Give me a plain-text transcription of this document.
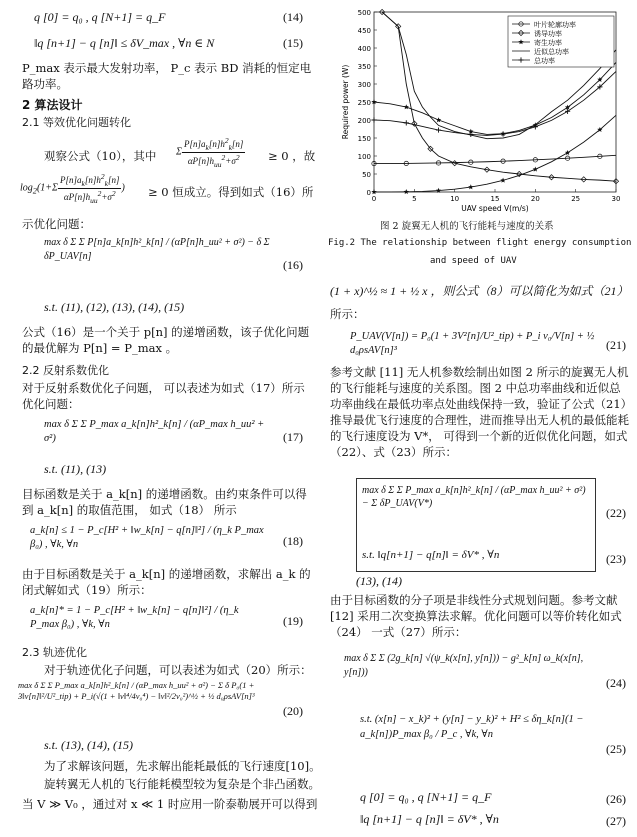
q [0] = q₀ , q [N+1] = q_F	(14)
‖q [n+1] − q [n]‖ ≤ δV_max , ∀n ∈ N	(15)
P_max 表示最大发射功率， P_c 表示 BD 消耗的恒定电路功率。
2 算法设计
2.1 等效优化问题转化
观察公式（10），其中 Σ $\frac{P[n]a_k[n]h^2_k[n]}{\alpha P[n]h_{uu}^2+\sigma^2} \ge 0$ ，故
$\log_2(1+\Sigma \frac{P[n]a_k[n]h^2_k[n]}{\alpha P[n]h_{uu}^2+\sigma^2}$ ) ≥ 0 恒成立。得到如式（16）所
示优化问题：
max δ Σ Σ P[n]a_k[n]h²_k[n] / (αP[n]h_uu² + σ²) − δ Σ δP_UAV[n]
(16)
s.t. (11), (12), (13), (14), (15)
公式（16）是一个关于 p[n] 的递增函数，该子优化问题的最优解为 P[n] = P_max 。
2.2 反射系数优化
对于反射系数优化子问题， 可以表述为如式（17）所示优化问题：
max δ Σ Σ P_max a_k[n]h²_k[n] / (αP_max h_uu² + σ²)	(17)
s.t. (11), (13)
目标函数是关于 a_k[n] 的递增函数。由约束条件可以得到 a_k[n] 的取值范围， 如式（18） 所示
a_k[n] ≤ 1 − P_c[H² + ‖w_k[n] − q[n]‖²] / (η_k P_max β₀) , ∀k, ∀n	(18)
由于目标函数是关于 a_k[n] 的递增函数，求解出 a_k 的闭式解如式（19）所示：
a_k[n]* = 1 − P_c[H² + ‖w_k[n] − q[n]‖²] / (η_k P_max β₀) , ∀k, ∀n	(19)
2.3 轨迹优化
对于轨迹优化子问题，可以表述为如式（20）所示：
max δ Σ Σ P_max a_k[n]h²_k[n] / (αP_max h_uu² + σ²) − Σ δ P₀(1 + 3‖v[n]‖²/U²_tip) + P_i(√(1 + ‖v‖⁴/4v₀⁴) − ‖v‖²/2v₀²)^½ + ½ d₀ρsAV[n]³
(20)
s.t. (13), (14), (15)
为了求解该问题，先求解出能耗最低的飞行速度[10]。
旋转翼无人机的飞行能耗模型较为复杂是个非凸函数。
当 V ≫ V₀ ，通过对 x ≪ 1 时应用一阶泰勒展开可以得到
0
50
100
150
200
250
300
350
400
450
500
0	5	10	15	20	25	30
UAV speed V(m/s)
Required power (W)
叶片轮廓功率
诱导功率
寄生功率
近似总功率
总功率
图 2 旋翼无人机的飞行能耗与速度的关系
Fig.2 The relationship between flight energy consumption
and speed of UAV
(1 + x)^½ ≈ 1 + ½ x ，则公式（8）可以简化为如式（21）
所示：
P_UAV(V[n]) = P₀(1 + 3V²[n]/U²_tip) + P_i v₀/V[n] + ½ d₀ρsAV[n]³	(21)
参考文献 [11] 无人机参数绘制出如图 2 所示的旋翼无人机的飞行能耗与速度的关系图。图 2 中总功率曲线和近似总功率曲线在最低功率点处曲线保持一致，验证了公式（21）推导最优飞行速度的合理性，进而推导出无人机的最低能耗的飞行速度设为 V*， 可得到一个新的近似优化问题，如式（22）、式（23）所示：
max δ Σ Σ P_max a_k[n]h²_k[n] / (αP_max h_uu² + σ²) − Σ δP_UAV(V*)
(22)
s.t. ‖q[n+1] − q[n]‖ = δV* , ∀n	(23)
(13), (14)
由于目标函数的分子项是非线性分式规划问题。参考文献 [12] 采用二次变换算法求解。优化问题可以等价转化如式（24） 一式（27）所示：
max δ Σ Σ (2g_k[n] √(ψ_k(x[n], y[n])) − g²_k[n] ω_k(x[n], y[n]))
(24)
s.t. (x[n] − x_k)² + (y[n] − y_k)² + H² ≤ δη_k[n](1 − a_k[n])P_max β₀ / P_c , ∀k, ∀n
(25)
q [0] = q₀ , q [N+1] = q_F	(26)
‖q [n+1] − q [n]‖ = δV* , ∀n	(27)
